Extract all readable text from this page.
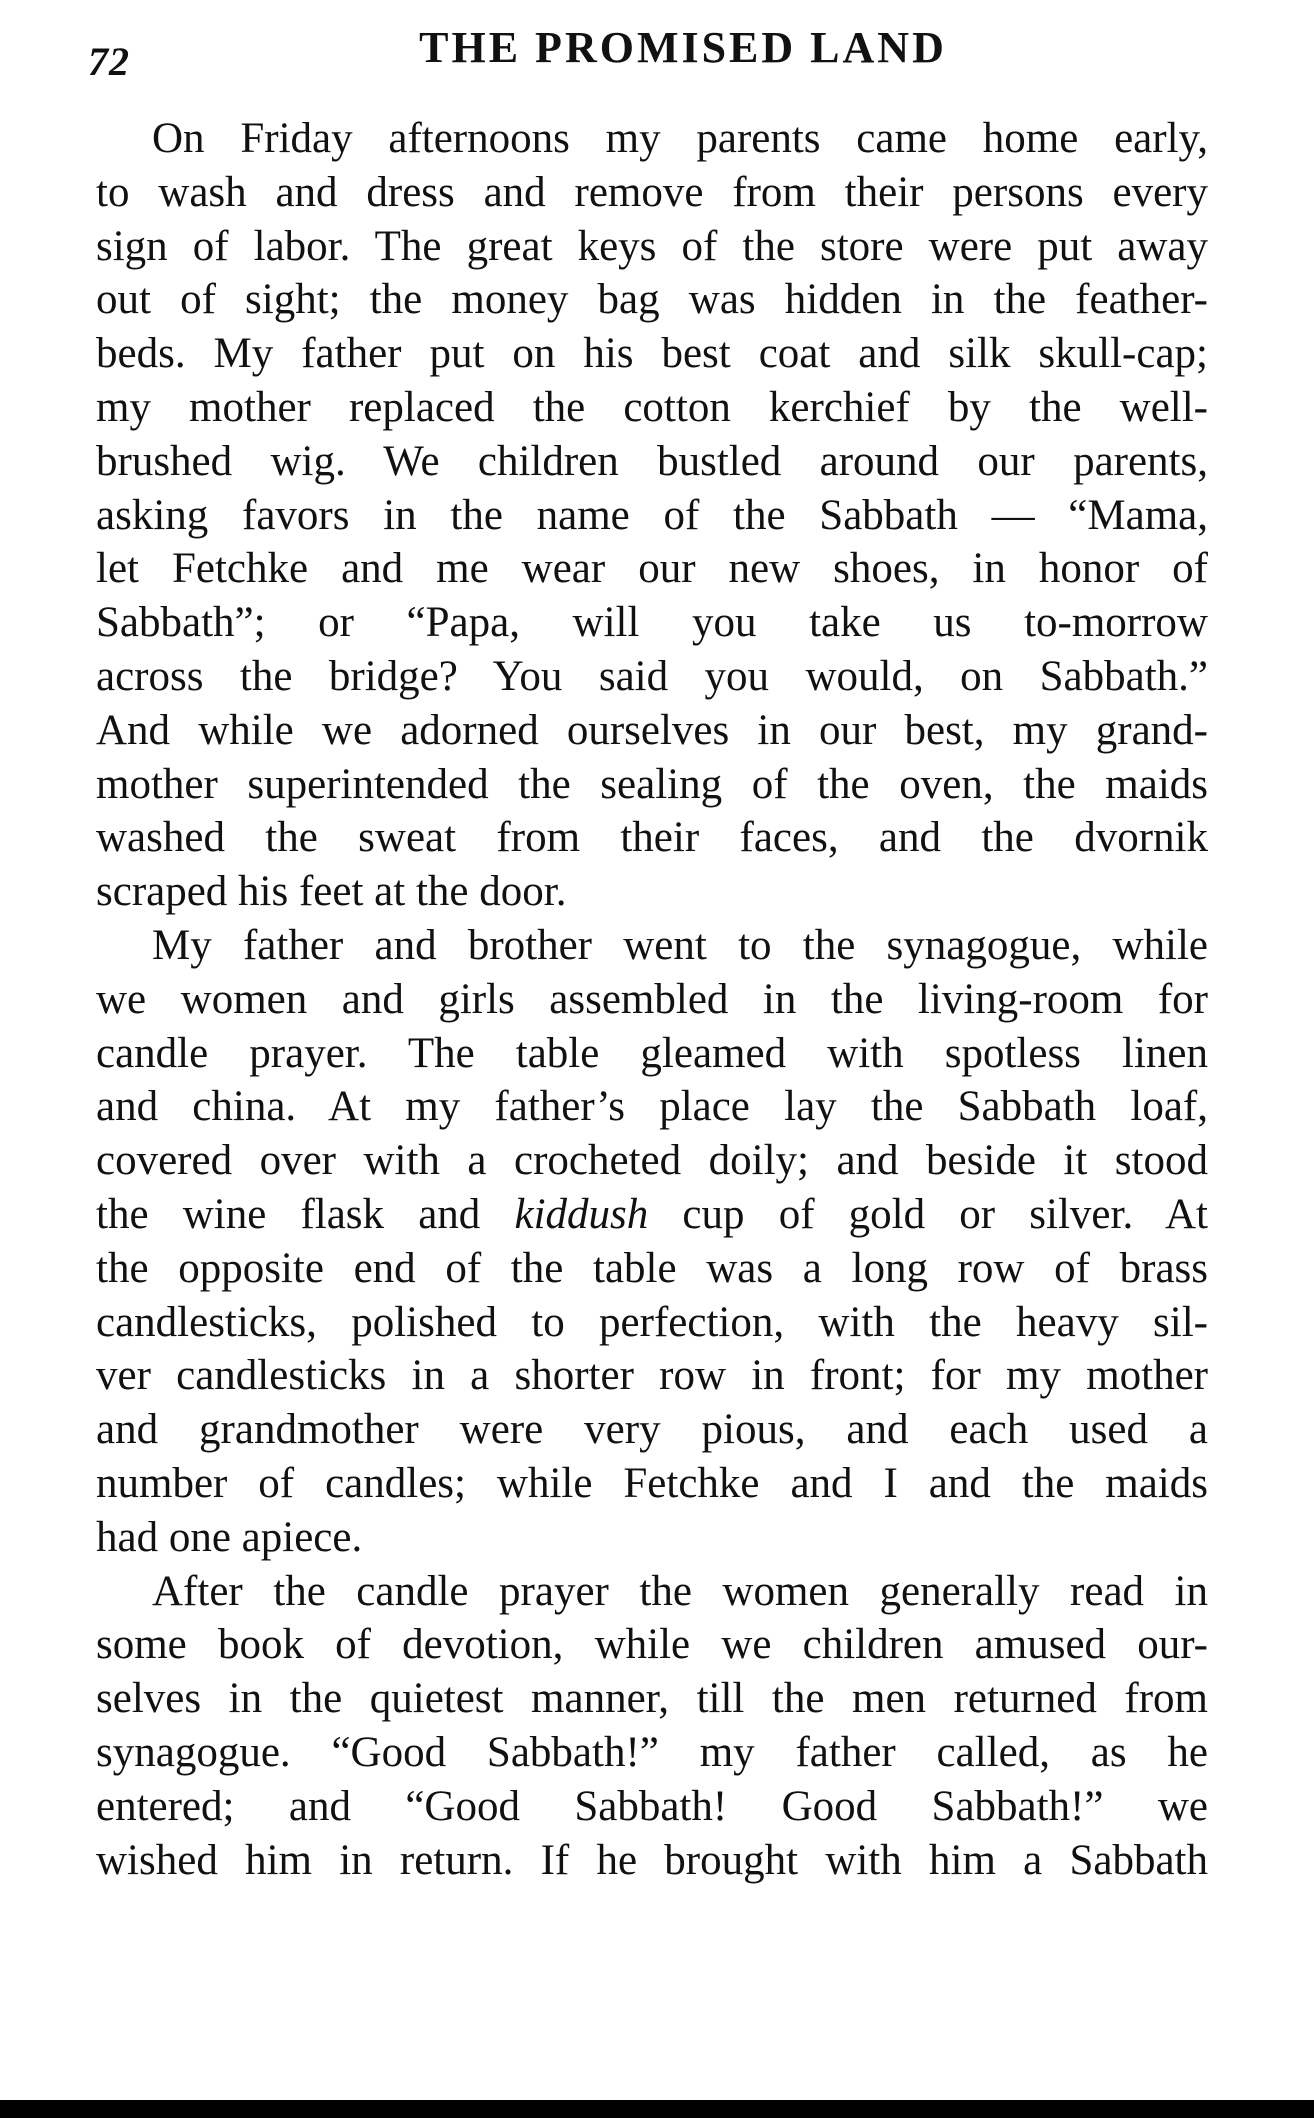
72	THE PROMISED LAND

On Friday afternoons my parents came home early,
to wash and dress and remove from their persons every
sign of labor. The great keys of the store were put away
out of sight; the money bag was hidden in the feather-
beds. My father put on his best coat and silk skull-cap;
my mother replaced the cotton kerchief by the well-
brushed wig. We children bustled around our parents,
asking favors in the name of the Sabbath — “Mama,
let Fetchke and me wear our new shoes, in honor of
Sabbath”; or “Papa, will you take us to-morrow
across the bridge? You said you would, on Sabbath.”
And while we adorned ourselves in our best, my grand-
mother superintended the sealing of the oven, the maids
washed the sweat from their faces, and the dvornik
scraped his feet at the door.

My father and brother went to the synagogue, while
we women and girls assembled in the living-room for
candle prayer. The table gleamed with spotless linen
and china. At my father’s place lay the Sabbath loaf,
covered over with a crocheted doily; and beside it stood
the wine flask and kiddush cup of gold or silver. At
the opposite end of the table was a long row of brass
candlesticks, polished to perfection, with the heavy sil-
ver candlesticks in a shorter row in front; for my mother
and grandmother were very pious, and each used a
number of candles; while Fetchke and I and the maids
had one apiece.

After the candle prayer the women generally read in
some book of devotion, while we children amused our-
selves in the quietest manner, till the men returned from
synagogue. “Good Sabbath!” my father called, as he
entered; and “Good Sabbath! Good Sabbath!” we
wished him in return. If he brought with him a Sabbath
